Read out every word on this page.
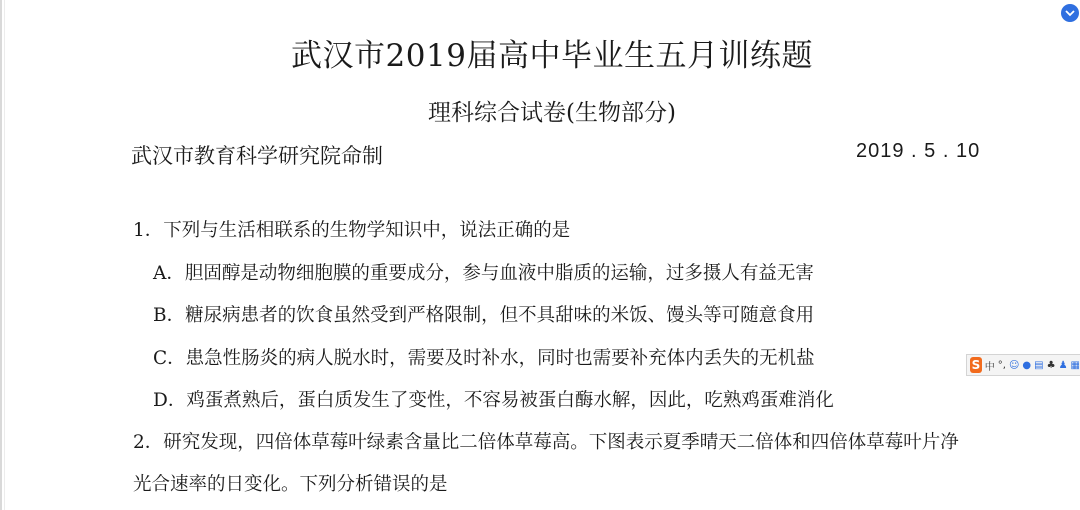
武汉市2019届高中毕业生五月训练题
理科综合试卷(生物部分)
武汉市教育科学研究院命制	2019 . 5 . 10
1．下列与生活相联系的生物学知识中，说法正确的是
A．胆固醇是动物细胞膜的重要成分，参与血液中脂质的运输，过多摄人有益无害
B．糖尿病患者的饮食虽然受到严格限制，但不具甜味的米饭、馒头等可随意食用
C．患急性肠炎的病人脱水时，需要及时补水，同时也需要补充体内丢失的无机盐
D．鸡蛋煮熟后，蛋白质发生了变性，不容易被蛋白酶水解，因此，吃熟鸡蛋难消化
2．研究发现，四倍体草莓叶绿素含量比二倍体草莓高。下图表示夏季晴天二倍体和四倍体草莓叶片净
光合速率的日变化。下列分析错误的是
S 中 °, ☺ ● ▤ ♣ ♟ ▦
